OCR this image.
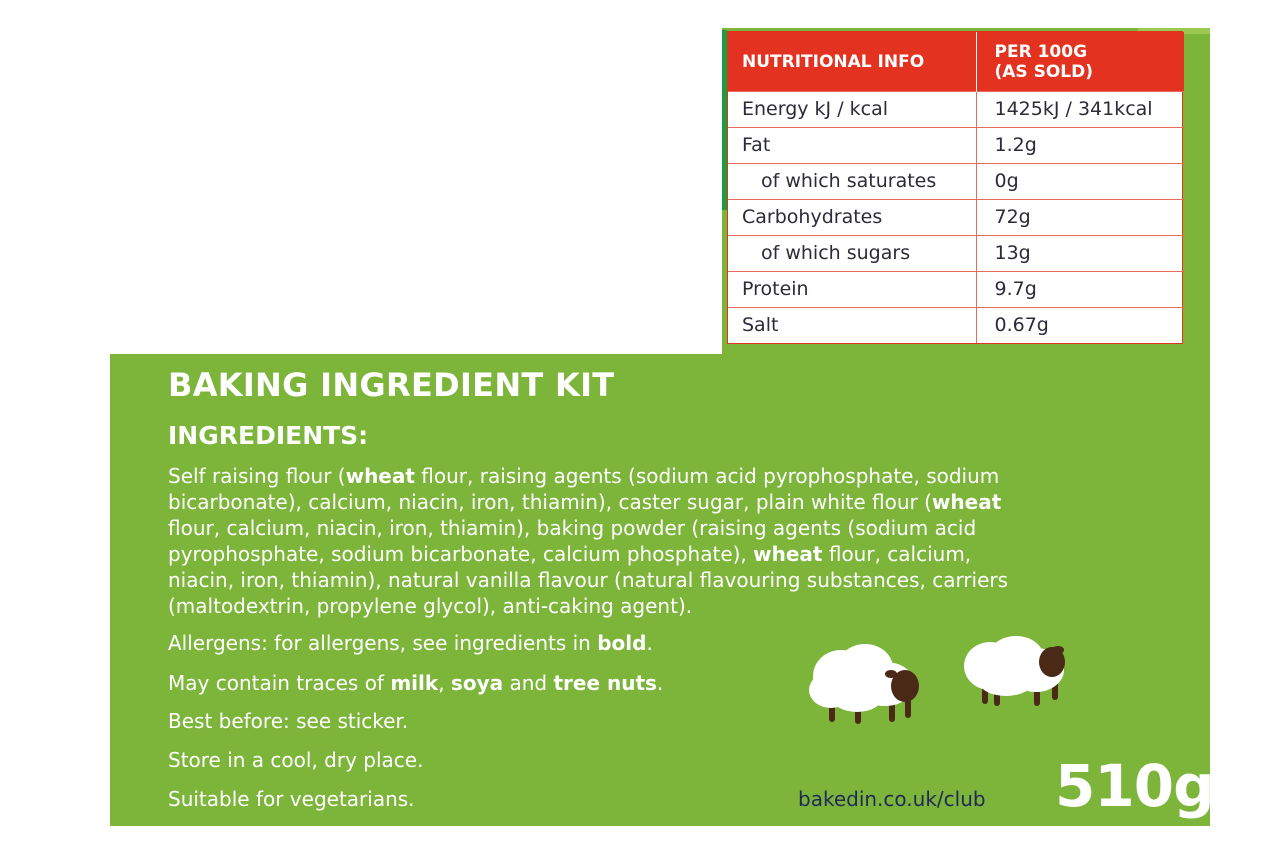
NUTRITIONAL INFO	PER 100G
(AS SOLD)
Energy kJ / kcal	1425kJ / 341kcal
Fat	1.2g
of which saturates	0g
Carbohydrates	72g
of which sugars	13g
Protein	9.7g
Salt	0.67g
BAKING INGREDIENT KIT
INGREDIENTS:

Self raising flour (wheat flour, raising agents (sodium acid pyrophosphate, sodium

bicarbonate), calcium, niacin, iron, thiamin), caster sugar, plain white flour (wheat

flour, calcium, niacin, iron, thiamin), baking powder (raising agents (sodium acid

pyrophosphate, sodium bicarbonate, calcium phosphate), wheat flour, calcium,

niacin, iron, thiamin), natural vanilla flavour (natural flavouring substances, carriers

(maltodextrin, propylene glycol), anti-caking agent).

Allergens: for allergens, see ingredients in bold.
May contain traces of milk, soya and tree nuts.
Best before: see sticker.
Store in a cool, dry place.
Suitable for vegetarians.	bakedin.co.uk/club 510g
